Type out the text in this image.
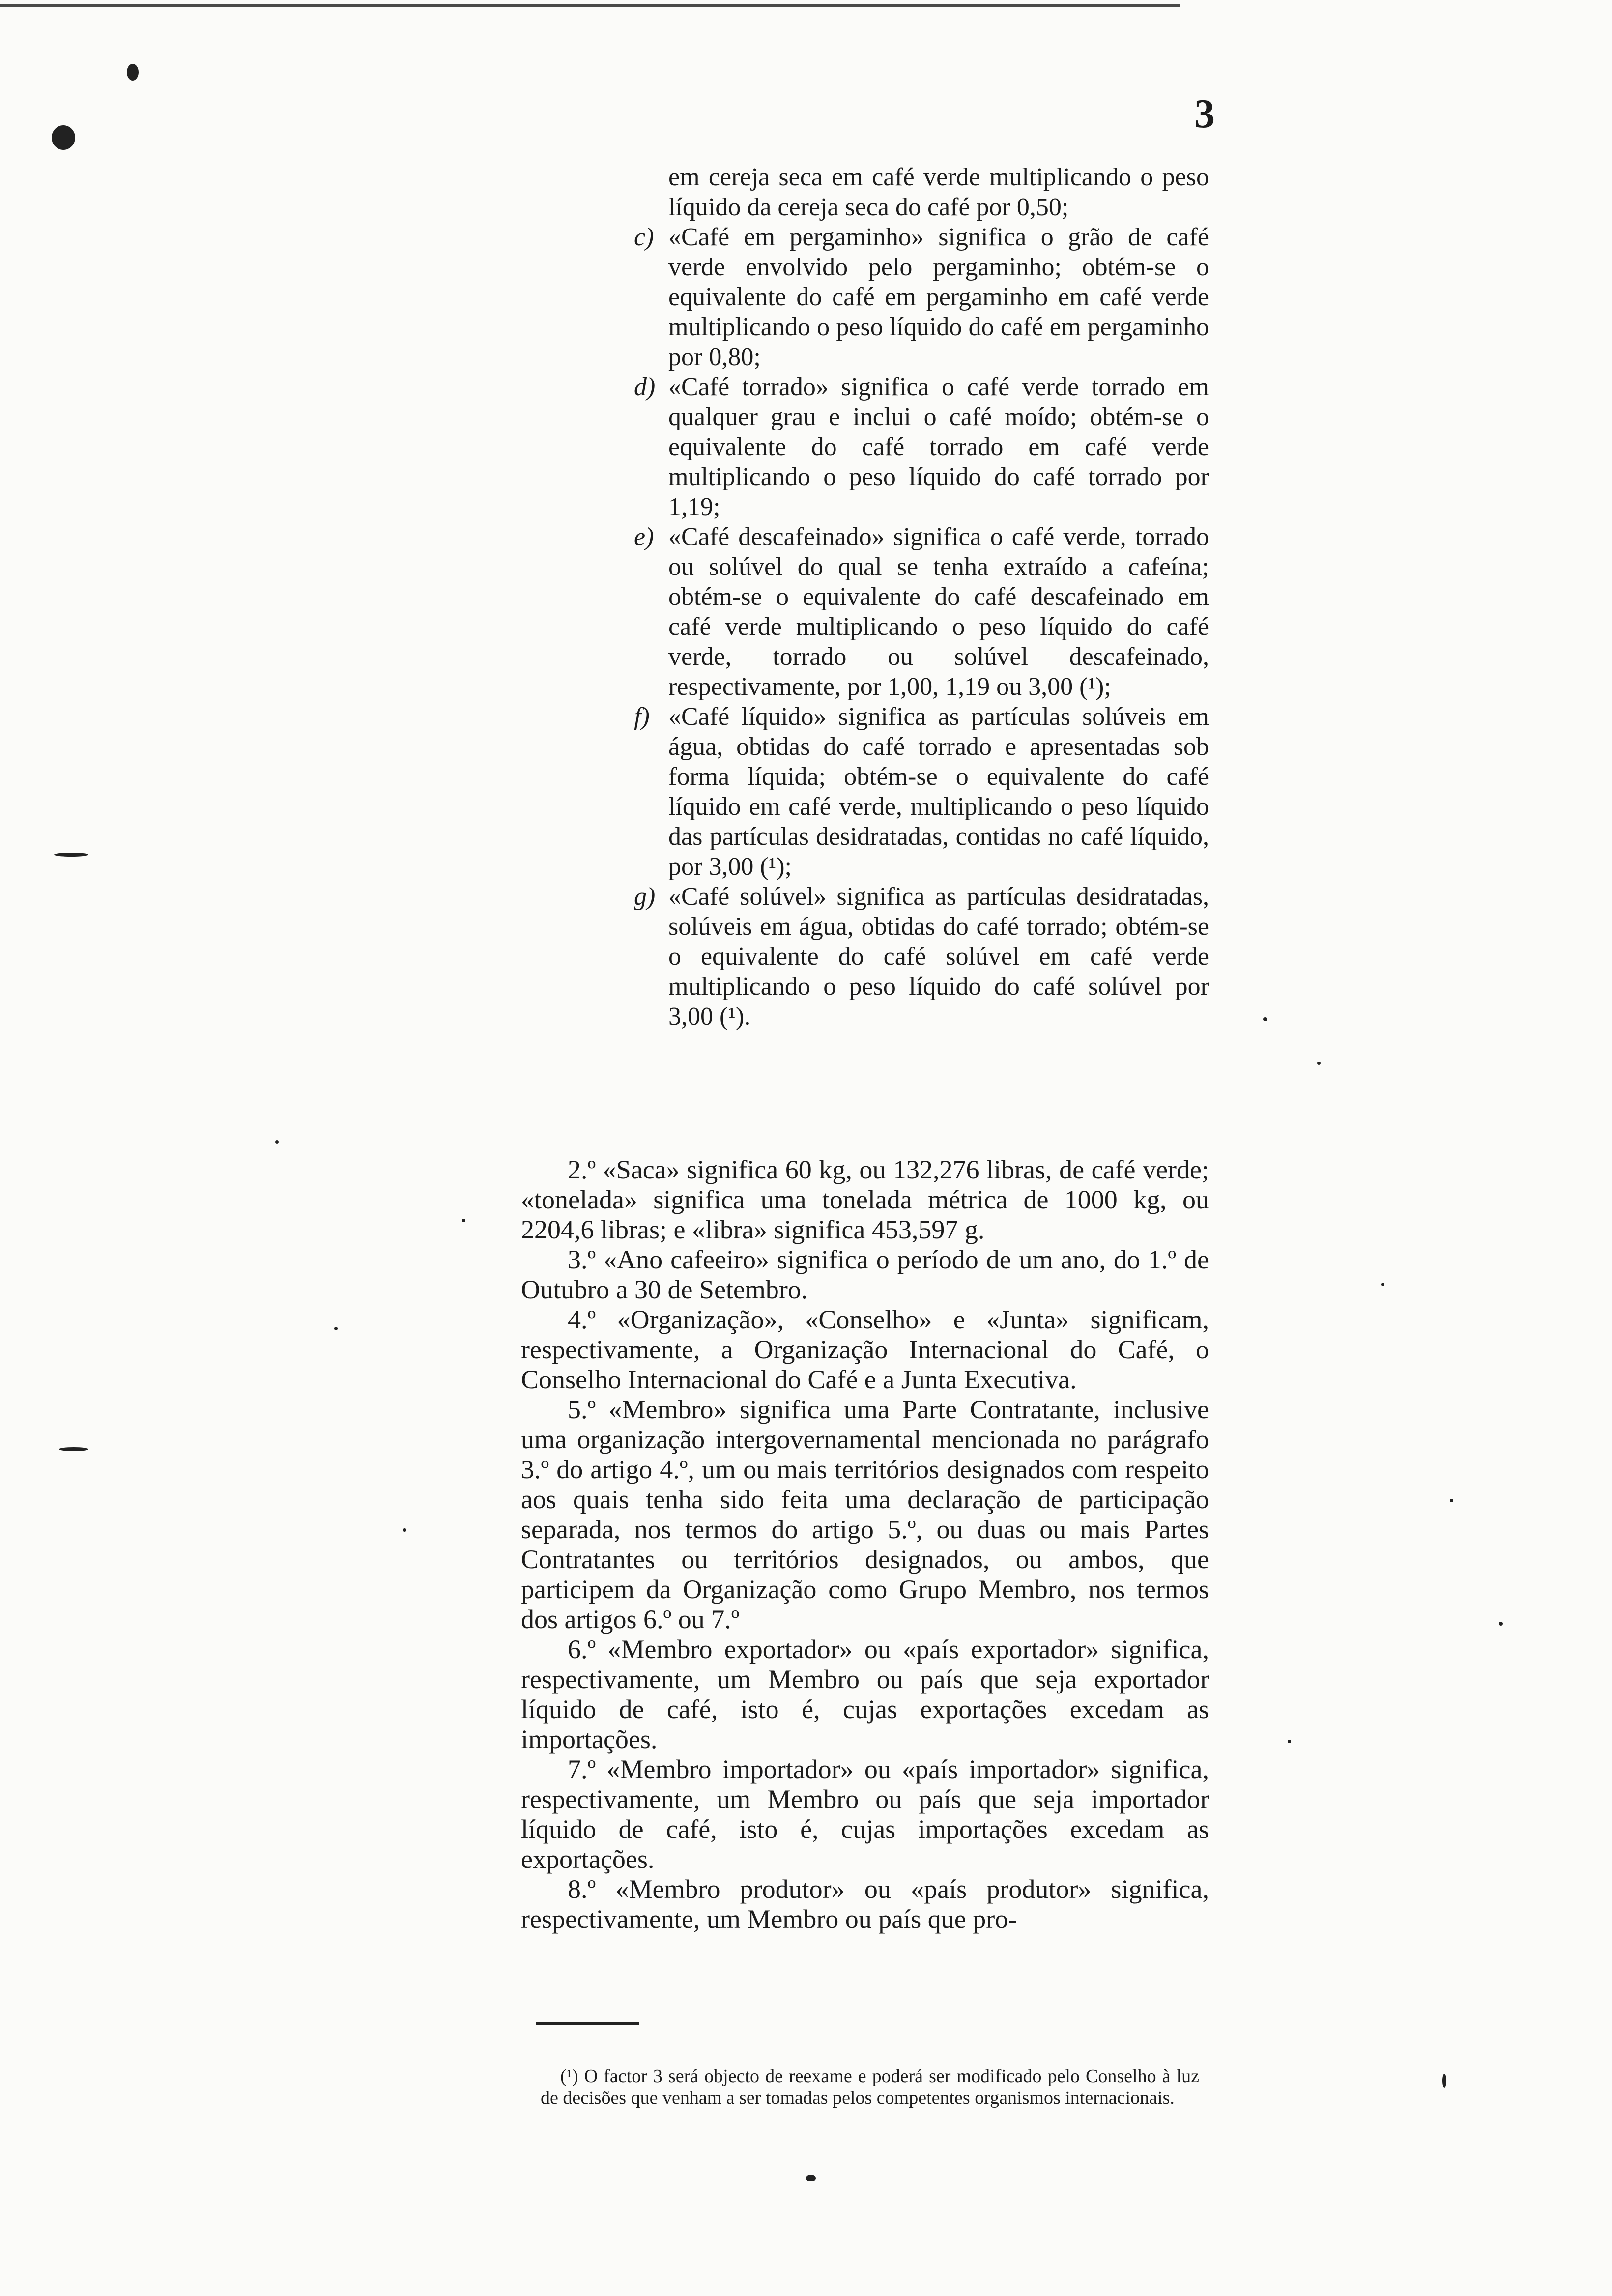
3
em cereja seca em café verde multiplicando o peso líquido da cereja seca do café por 0,50;
c) «Café em pergaminho» significa o grão de café verde envolvido pelo pergaminho; obtém-se o equivalente do café em pergaminho em café verde multiplicando o peso líquido do café em pergaminho por 0,80;
d) «Café torrado» significa o café verde torrado em qualquer grau e inclui o café moído; obtém-se o equivalente do café torrado em café verde multiplicando o peso líquido do café torrado por 1,19;
e) «Café descafeinado» significa o café verde, torrado ou solúvel do qual se tenha extraído a cafeína; obtém-se o equivalente do café descafeinado em café verde multiplicando o peso líquido do café verde, torrado ou solúvel descafeinado, respectivamente, por 1,00, 1,19 ou 3,00 (¹);
f) «Café líquido» significa as partículas solúveis em água, obtidas do café torrado e apresentadas sob forma líquida; obtém-se o equivalente do café líquido em café verde, multiplicando o peso líquido das partículas desidratadas, contidas no café líquido, por 3,00 (¹);
g) «Café solúvel» significa as partículas desidratadas, solúveis em água, obtidas do café torrado; obtém-se o equivalente do café solúvel em café verde multiplicando o peso líquido do café solúvel por 3,00 (¹).

2.º «Saca» significa 60 kg, ou 132,276 libras, de café verde; «tonelada» significa uma tonelada métrica de 1000 kg, ou 2204,6 libras; e «libra» significa 453,597 g.

3.º «Ano cafeeiro» significa o período de um ano, do 1.º de Outubro a 30 de Setembro.

4.º «Organização», «Conselho» e «Junta» significam, respectivamente, a Organização Internacional do Café, o Conselho Internacional do Café e a Junta Executiva.

5.º «Membro» significa uma Parte Contratante, inclusive uma organização intergovernamental mencionada no parágrafo 3.º do artigo 4.º, um ou mais territórios designados com respeito aos quais tenha sido feita uma declaração de participação separada, nos termos do artigo 5.º, ou duas ou mais Partes Contratantes ou territórios designados, ou ambos, que participem da Organização como Grupo Membro, nos termos dos artigos 6.º ou 7.º

6.º «Membro exportador» ou «país exportador» significa, respectivamente, um Membro ou país que seja exportador líquido de café, isto é, cujas exportações excedam as importações.

7.º «Membro importador» ou «país importador» significa, respectivamente, um Membro ou país que seja importador líquido de café, isto é, cujas importações excedam as exportações.

8.º «Membro produtor» ou «país produtor» significa, respectivamente, um Membro ou país que pro-

(¹) O factor 3 será objecto de reexame e poderá ser modificado pelo Conselho à luz de decisões que venham a ser tomadas pelos competentes organismos internacionais.
